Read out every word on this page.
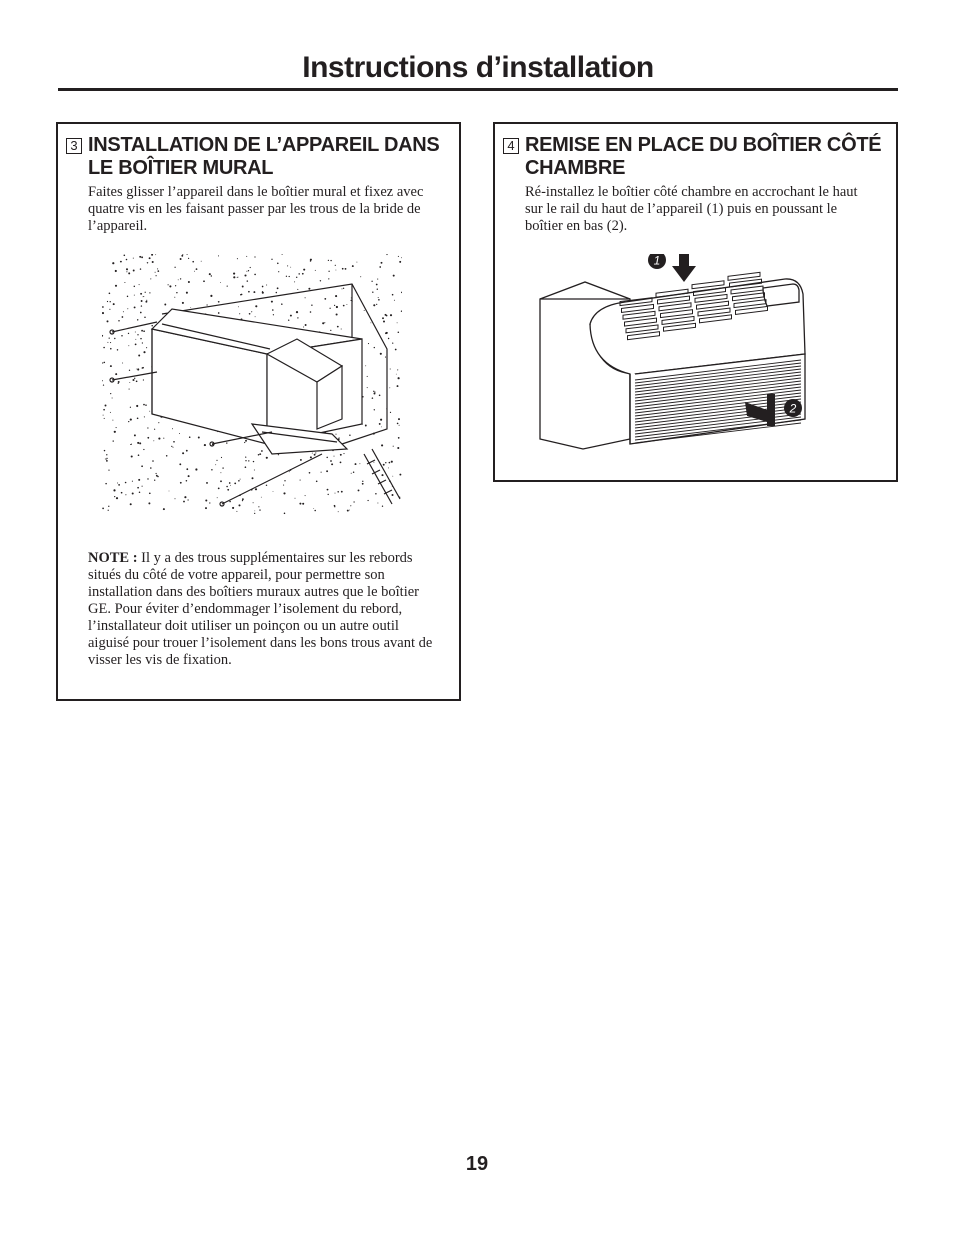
Instructions d’installation
3 INSTALLATION DE L’APPAREIL DANS LE BOÎTIER MURAL

Faites glisser l’appareil dans le boîtier mural et fixez avec quatre vis en les faisant passer par les trous de la bride de l’appareil.

NOTE : Il y a des trous supplémentaires sur les rebords situés du côté de votre appareil, pour permettre son installation dans des boîtiers muraux autres que le boîtier GE. Pour éviter d’endommager l’isolement du rebord, l’installateur doit utiliser un poinçon ou un autre outil aiguisé pour trouer l’isolement dans les bons trous avant de visser les vis de fixation.

4 REMISE EN PLACE DU BOÎTIER CÔTÉ CHAMBRE

Ré-installez le boîtier côté chambre en accrochant le haut sur le rail du haut de l’appareil (1) puis en poussant le boîtier en bas (2).

1
2
19
